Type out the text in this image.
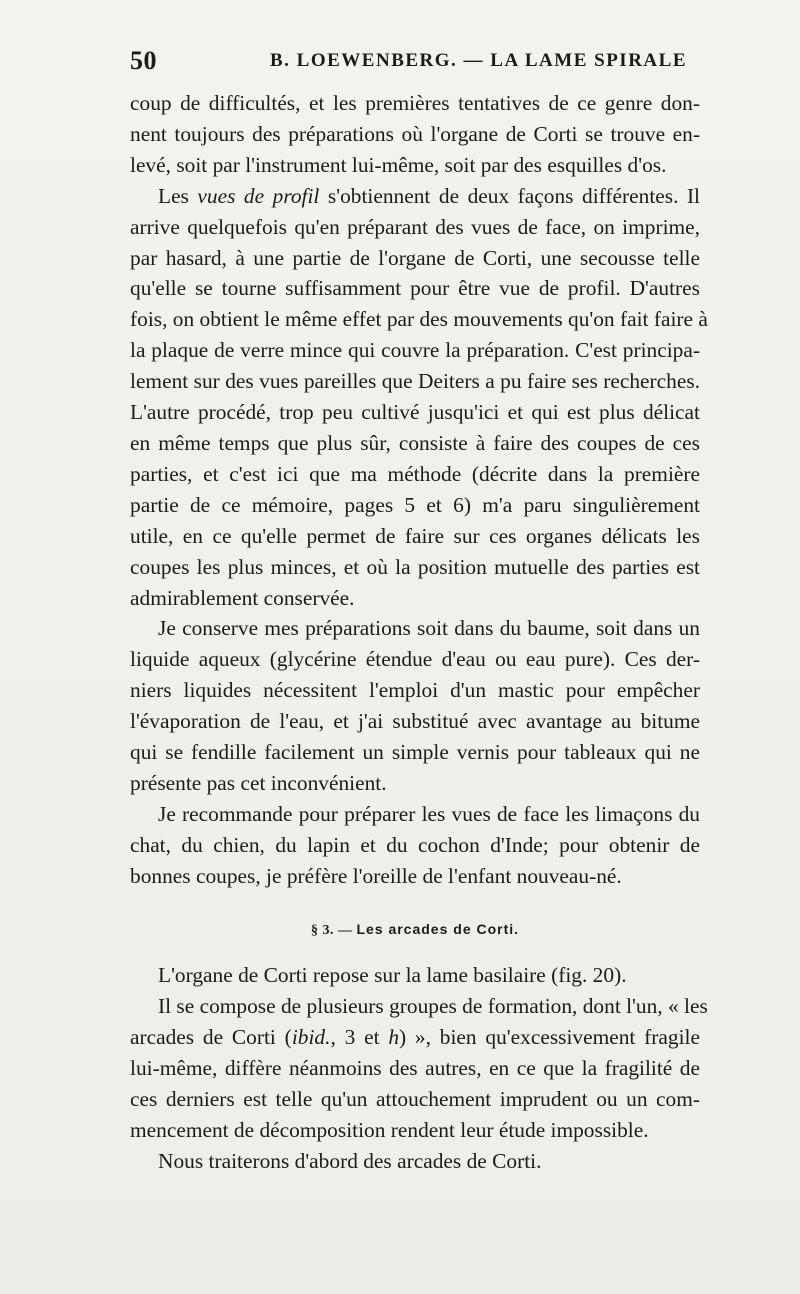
50	B. LOEWENBERG. — LA LAME SPIRALE
coup de difficultés, et les premières tentatives de ce genre don-
nent toujours des préparations où l'organe de Corti se trouve en-
levé, soit par l'instrument lui-même, soit par des esquilles d'os.
Les vues de profil s'obtiennent de deux façons différentes. Il
arrive quelquefois qu'en préparant des vues de face, on imprime,
par hasard, à une partie de l'organe de Corti, une secousse telle
qu'elle se tourne suffisamment pour être vue de profil. D'autres
fois, on obtient le même effet par des mouvements qu'on fait faire à
la plaque de verre mince qui couvre la préparation. C'est principa-
lement sur des vues pareilles que Deiters a pu faire ses recherches.
L'autre procédé, trop peu cultivé jusqu'ici et qui est plus délicat
en même temps que plus sûr, consiste à faire des coupes de ces
parties, et c'est ici que ma méthode (décrite dans la première
partie de ce mémoire, pages 5 et 6) m'a paru singulièrement
utile, en ce qu'elle permet de faire sur ces organes délicats les
coupes les plus minces, et où la position mutuelle des parties est
admirablement conservée.
Je conserve mes préparations soit dans du baume, soit dans un
liquide aqueux (glycérine étendue d'eau ou eau pure). Ces der-
niers liquides nécessitent l'emploi d'un mastic pour empêcher
l'évaporation de l'eau, et j'ai substitué avec avantage au bitume
qui se fendille facilement un simple vernis pour tableaux qui ne
présente pas cet inconvénient.
Je recommande pour préparer les vues de face les limaçons du
chat, du chien, du lapin et du cochon d'Inde; pour obtenir de
bonnes coupes, je préfère l'oreille de l'enfant nouveau-né.
§ 3. — Les arcades de Corti.
L'organe de Corti repose sur la lame basilaire (fig. 20).
Il se compose de plusieurs groupes de formation, dont l'un, « les
arcades de Corti (ibid., 3 et h) », bien qu'excessivement fragile
lui-même, diffère néanmoins des autres, en ce que la fragilité de
ces derniers est telle qu'un attouchement imprudent ou un com-
mencement de décomposition rendent leur étude impossible.
Nous traiterons d'abord des arcades de Corti.
